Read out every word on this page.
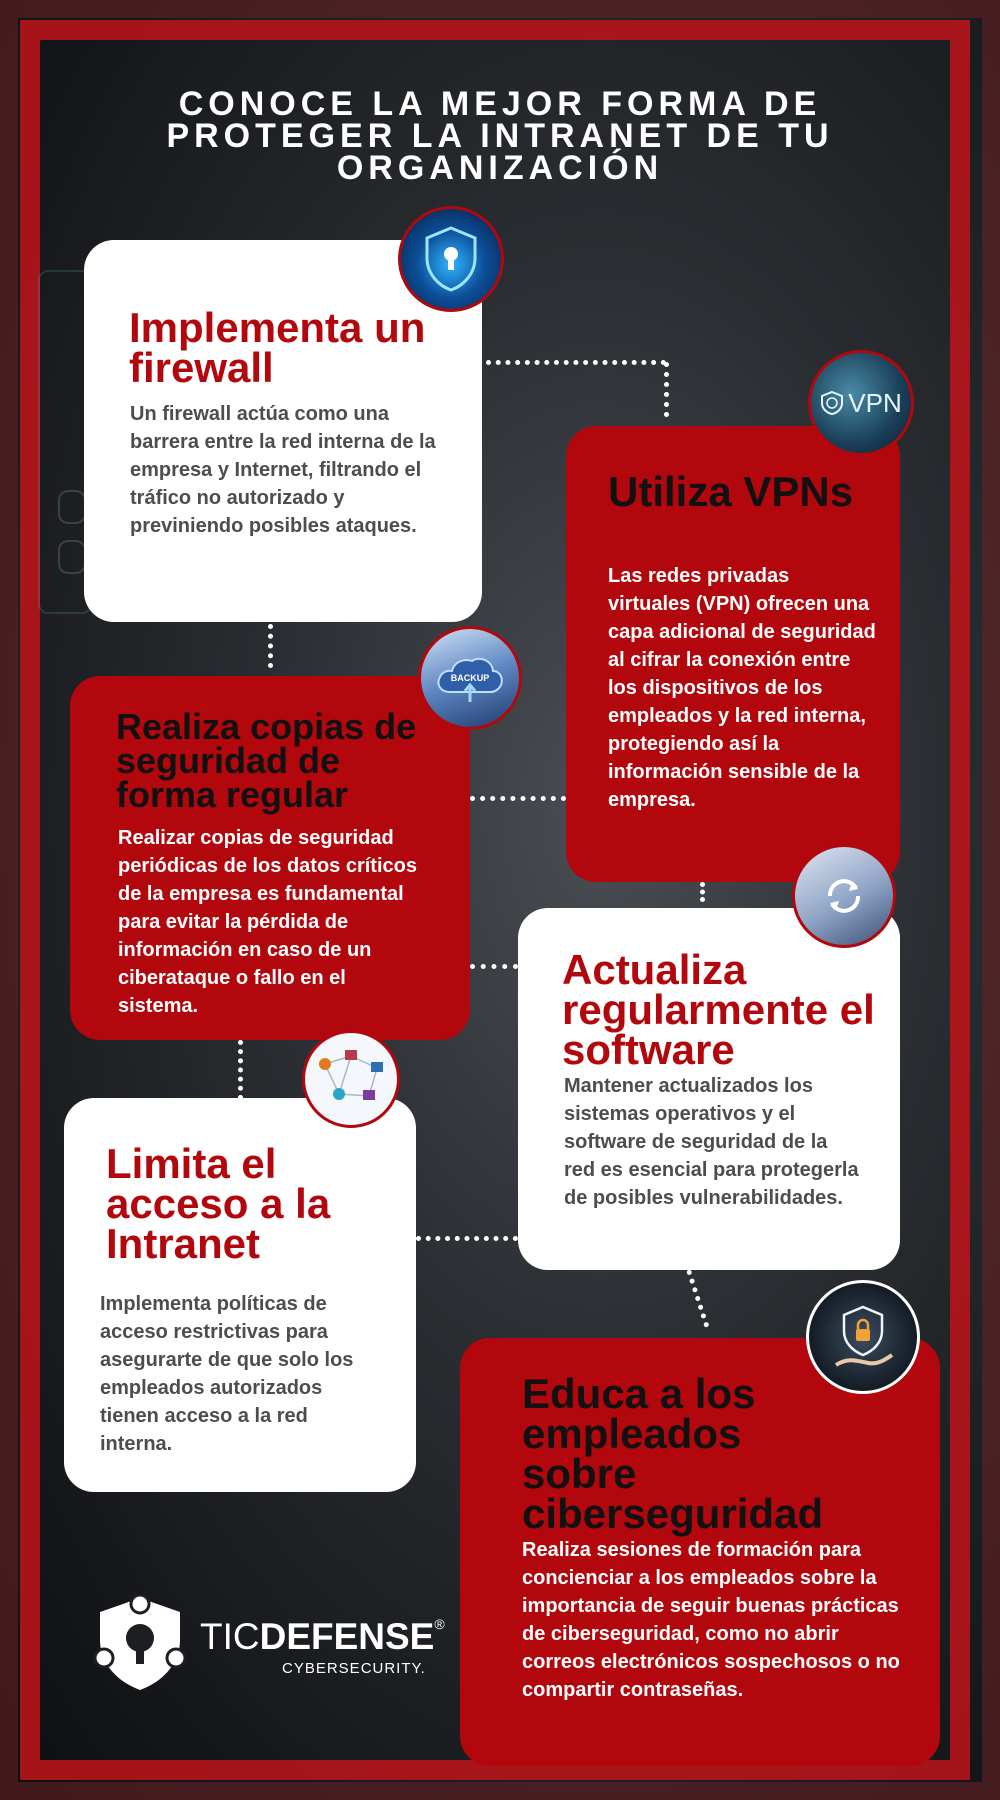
CONOCE LA MEJOR FORMA DE PROTEGER LA INTRANET DE TU ORGANIZACIÓN
Implementa un firewall

Un firewall actúa como una barrera entre la red interna de la empresa y Internet, filtrando el tráfico no autorizado y previniendo posibles ataques.

Utiliza VPNs

Las redes privadas virtuales (VPN) ofrecen una capa adicional de seguridad al cifrar la conexión entre los dispositivos de los empleados y la red interna, protegiendo así la información sensible de la empresa.

VPN
Realiza copias de seguridad de forma regular

Realizar copias de seguridad periódicas de los datos críticos de la empresa es fundamental para evitar la pérdida de información en caso de un ciberataque o fallo en el sistema.

BACKUP
Actualiza regularmente el software

Mantener actualizados los sistemas operativos y el software de seguridad de la red es esencial para protegerla de posibles vulnerabilidades.

Limita el acceso a la Intranet

Implementa políticas de acceso restrictivas para asegurarte de que solo los empleados autorizados tienen acceso a la red interna.

Educa a los empleados sobre ciberseguridad

Realiza sesiones de formación para concienciar a los empleados sobre la importancia de seguir buenas prácticas de ciberseguridad, como no abrir correos electrónicos sospechosos o no compartir contraseñas.

TICDEFENSE®
CYBERSECURITY.
